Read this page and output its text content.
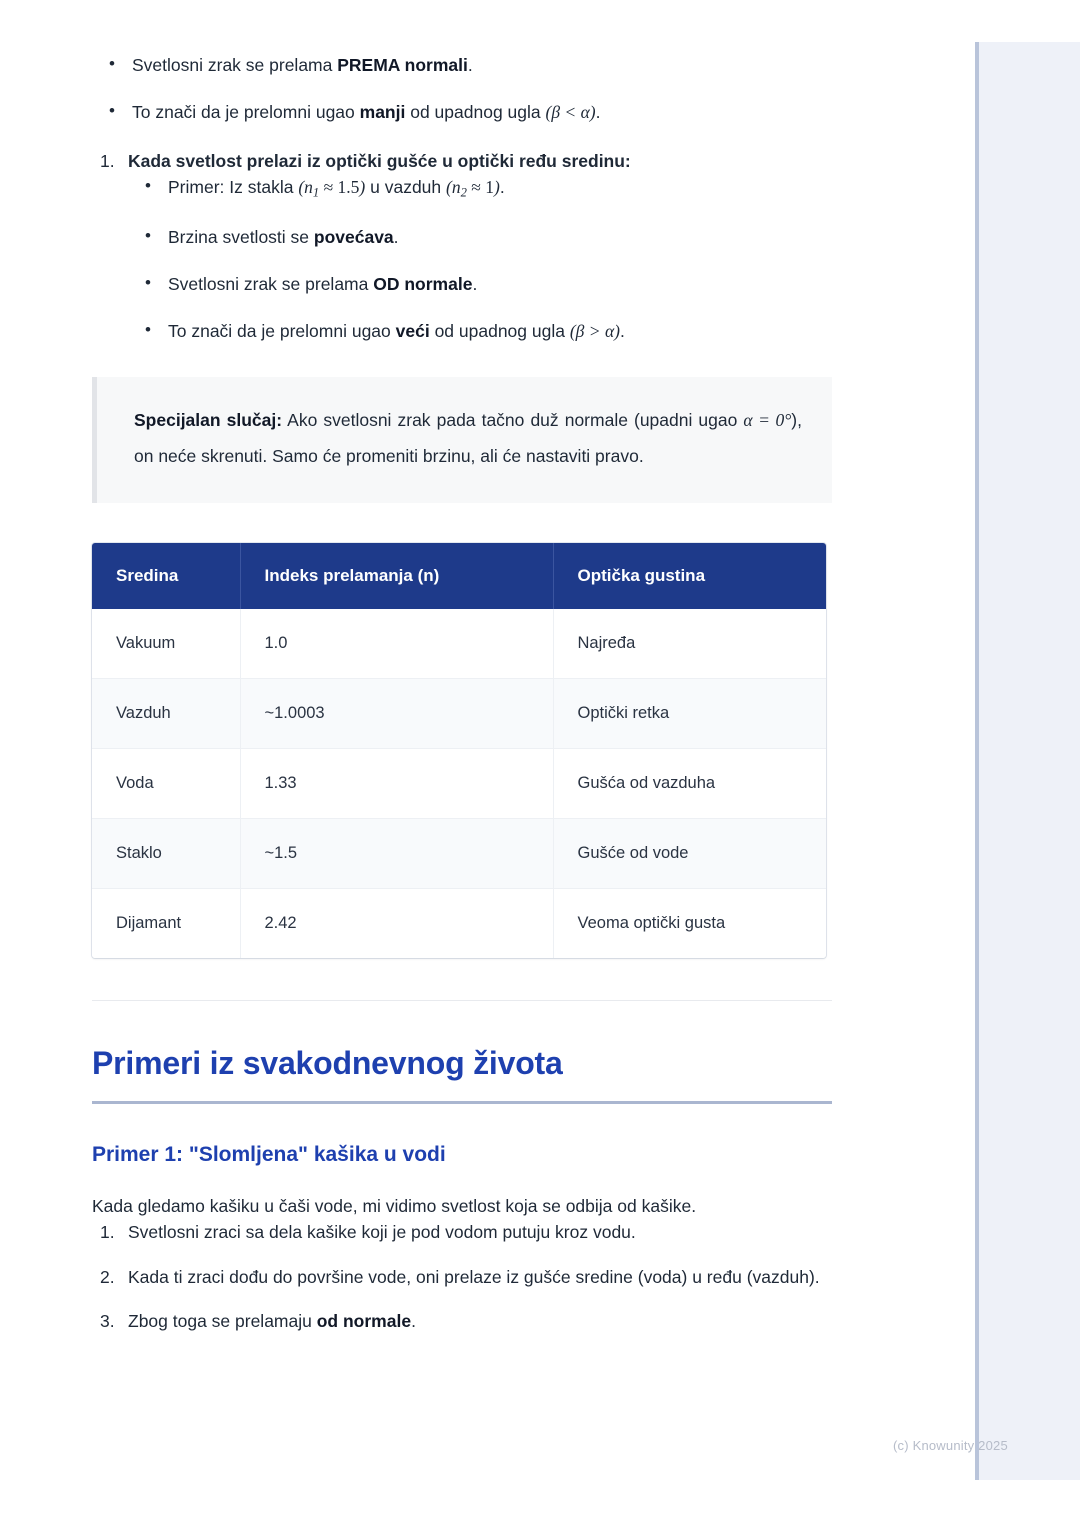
(c) Knowunity 2025
• Svetlosni zrak se prelama PREMA normali.
• To znači da je prelomni ugao manji od upadnog ugla (β < α).
Kada svetlost prelazi iz optički gušće u optički ređu sredinu:
• Primer: Iz stakla $(n_1 \approx 1.5)$ u vazduh $(n_2 \approx 1)$.
• Brzina svetlosti se povećava.
• Svetlosni zrak se prelama OD normale.
• To znači da je prelomni ugao veći od upadnog ugla (β > α).

Specijalan slučaj: Ako svetlosni zrak pada tačno duž normale (upadni ugao α = 0°), on neće skrenuti. Samo će promeniti brzinu, ali će nastaviti pravo.

Sredina	Indeks prelamanja (n)	Optička gustina
Vakuum	1.0	Najređa
Vazduh	~1.0003	Optički retka
Voda	1.33	Gušća od vazduha
Staklo	~1.5	Gušće od vode
Dijamant	2.42	Veoma optički gusta
Primeri iz svakodnevnog života
Primer 1: "Slomljena" kašika u vodi

Kada gledamo kašiku u čaši vode, mi vidimo svetlost koja se odbija od kašike.

Svetlosni zraci sa dela kašike koji je pod vodom putuju kroz vodu.
Kada ti zraci dođu do površine vode, oni prelaze iz gušće sredine (voda) u ređu (vazduh).
Zbog toga se prelamaju od normale.
